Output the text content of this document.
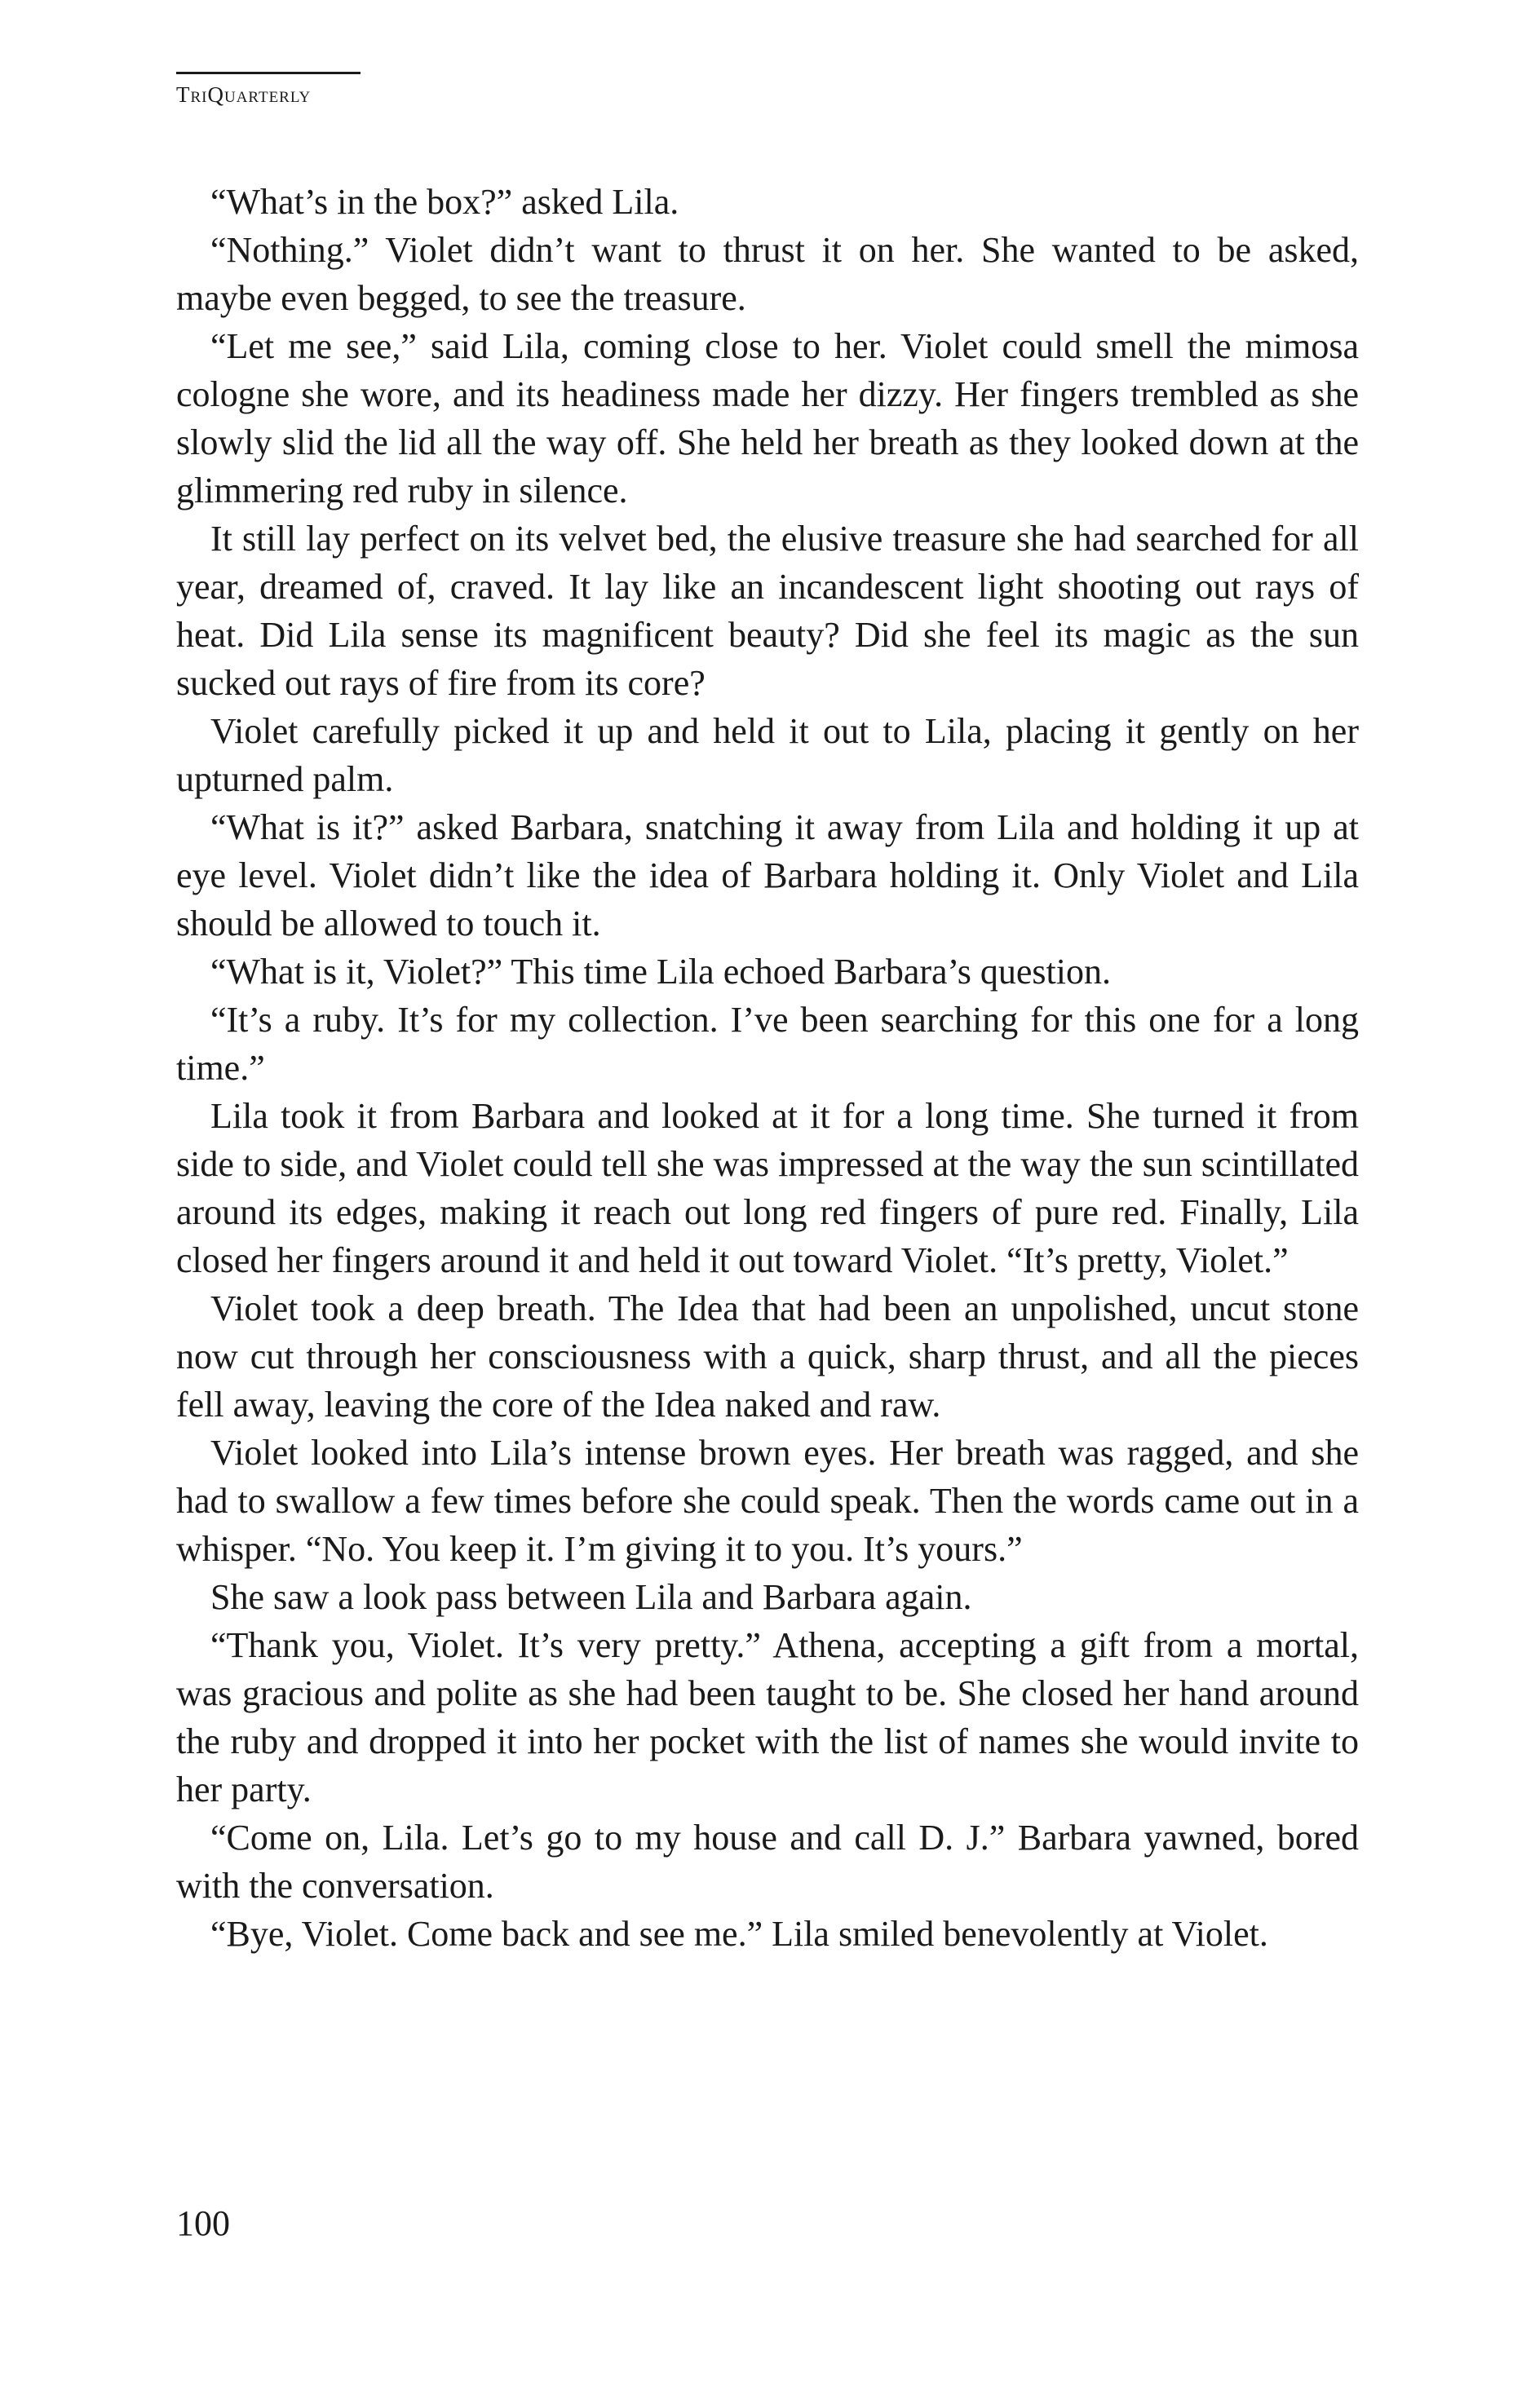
TriQuarterly

“What’s in the box?” asked Lila.

“Nothing.” Violet didn’t want to thrust it on her. She wanted to be asked, maybe even begged, to see the treasure.

“Let me see,” said Lila, coming close to her. Violet could smell the mimosa cologne she wore, and its headiness made her dizzy. Her fingers trembled as she slowly slid the lid all the way off. She held her breath as they looked down at the glimmering red ruby in silence.

It still lay perfect on its velvet bed, the elusive treasure she had searched for all year, dreamed of, craved. It lay like an incandescent light shooting out rays of heat. Did Lila sense its magnificent beauty? Did she feel its magic as the sun sucked out rays of fire from its core?

Violet carefully picked it up and held it out to Lila, placing it gently on her upturned palm.

“What is it?” asked Barbara, snatching it away from Lila and holding it up at eye level. Violet didn’t like the idea of Barbara holding it. Only Violet and Lila should be allowed to touch it.

“What is it, Violet?” This time Lila echoed Barbara’s question.

“It’s a ruby. It’s for my collection. I’ve been searching for this one for a long time.”

Lila took it from Barbara and looked at it for a long time. She turned it from side to side, and Violet could tell she was impressed at the way the sun scintillated around its edges, making it reach out long red fingers of pure red. Finally, Lila closed her fingers around it and held it out toward Violet. “It’s pretty, Violet.”

Violet took a deep breath. The Idea that had been an unpolished, uncut stone now cut through her consciousness with a quick, sharp thrust, and all the pieces fell away, leaving the core of the Idea naked and raw.

Violet looked into Lila’s intense brown eyes. Her breath was ragged, and she had to swallow a few times before she could speak. Then the words came out in a whisper. “No. You keep it. I’m giving it to you. It’s yours.”

She saw a look pass between Lila and Barbara again.

“Thank you, Violet. It’s very pretty.” Athena, accepting a gift from a mortal, was gracious and polite as she had been taught to be. She closed her hand around the ruby and dropped it into her pocket with the list of names she would invite to her party.

“Come on, Lila. Let’s go to my house and call D. J.” Barbara yawned, bored with the conversation.

“Bye, Violet. Come back and see me.” Lila smiled benevolently at Violet.

100
